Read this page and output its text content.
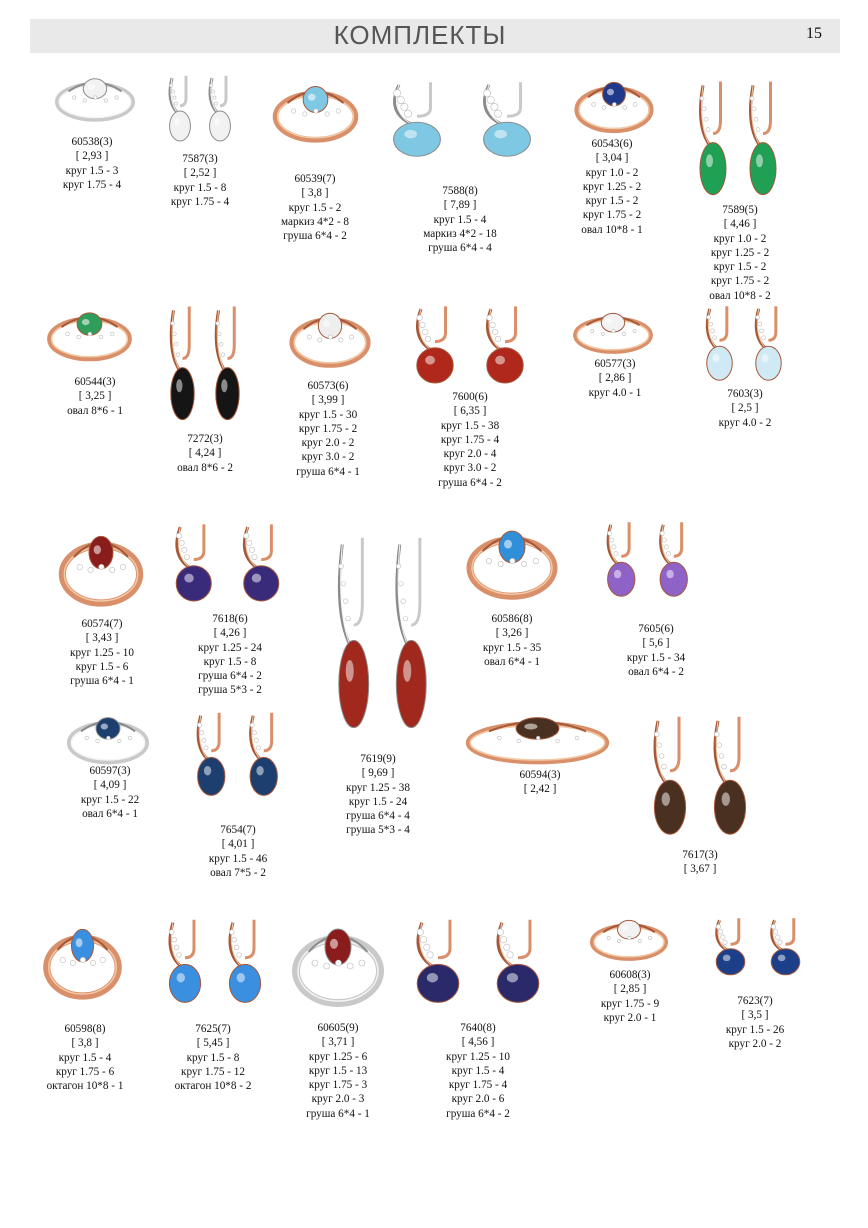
КОМПЛЕКТЫ	15
60538(3)
[ 2,93 ]
круг 1.5 - 3
круг 1.75 - 4
7587(3)
[ 2,52 ]
круг 1.5 - 8
круг 1.75 - 4
60539(7)
[ 3,8 ]
круг 1.5 - 2
маркиз 4*2 - 8
груша 6*4 - 2
7588(8)
[ 7,89 ]
круг 1.5 - 4
маркиз 4*2 - 18
груша 6*4 - 4
60543(6)
[ 3,04 ]
круг 1.0 - 2
круг 1.25 - 2
круг 1.5 - 2
круг 1.75 - 2
овал 10*8 - 1
7589(5)
[ 4,46 ]
круг 1.0 - 2
круг 1.25 - 2
круг 1.5 - 2
круг 1.75 - 2
овал 10*8 - 2
60544(3)
[ 3,25 ]
овал 8*6 - 1
7272(3)
[ 4,24 ]
овал 8*6 - 2
60573(6)
[ 3,99 ]
круг 1.5 - 30
круг 1.75 - 2
круг 2.0 - 2
круг 3.0 - 2
груша 6*4 - 1
7600(6)
[ 6,35 ]
круг 1.5 - 38
круг 1.75 - 4
круг 2.0 - 4
круг 3.0 - 2
груша 6*4 - 2
60577(3)
[ 2,86 ]
круг 4.0 - 1	7603(3)
[ 2,5 ]
круг 4.0 - 2
60574(7)
[ 3,43 ]
круг 1.25 - 10
круг 1.5 - 6
груша 6*4 - 1
7618(6)
[ 4,26 ]
круг 1.25 - 24
круг 1.5 - 8
груша 6*4 - 2
груша 5*3 - 2
7619(9)
[ 9,69 ]
круг 1.25 - 38
круг 1.5 - 24
груша 6*4 - 4
груша 5*3 - 4
60586(8)
[ 3,26 ]
круг 1.5 - 35
овал 6*4 - 1
7605(6)
[ 5,6 ]
круг 1.5 - 34
овал 6*4 - 2
60597(3)
[ 4,09 ]
круг 1.5 - 22
овал 6*4 - 1
7654(7)
[ 4,01 ]
круг 1.5 - 46
овал 7*5 - 2
60594(3)
[ 2,42 ]
7617(3)
[ 3,67 ]
60598(8)
[ 3,8 ]
круг 1.5 - 4
круг 1.75 - 6
октагон 10*8 - 1
7625(7)
[ 5,45 ]
круг 1.5 - 8
круг 1.75 - 12
октагон 10*8 - 2
60605(9)
[ 3,71 ]
круг 1.25 - 6
круг 1.5 - 13
круг 1.75 - 3
круг 2.0 - 3
груша 6*4 - 1
7640(8)
[ 4,56 ]
круг 1.25 - 10
круг 1.5 - 4
круг 1.75 - 4
круг 2.0 - 6
груша 6*4 - 2
60608(3)
[ 2,85 ]
круг 1.75 - 9
круг 2.0 - 1
7623(7)
[ 3,5 ]
круг 1.5 - 26
круг 2.0 - 2
